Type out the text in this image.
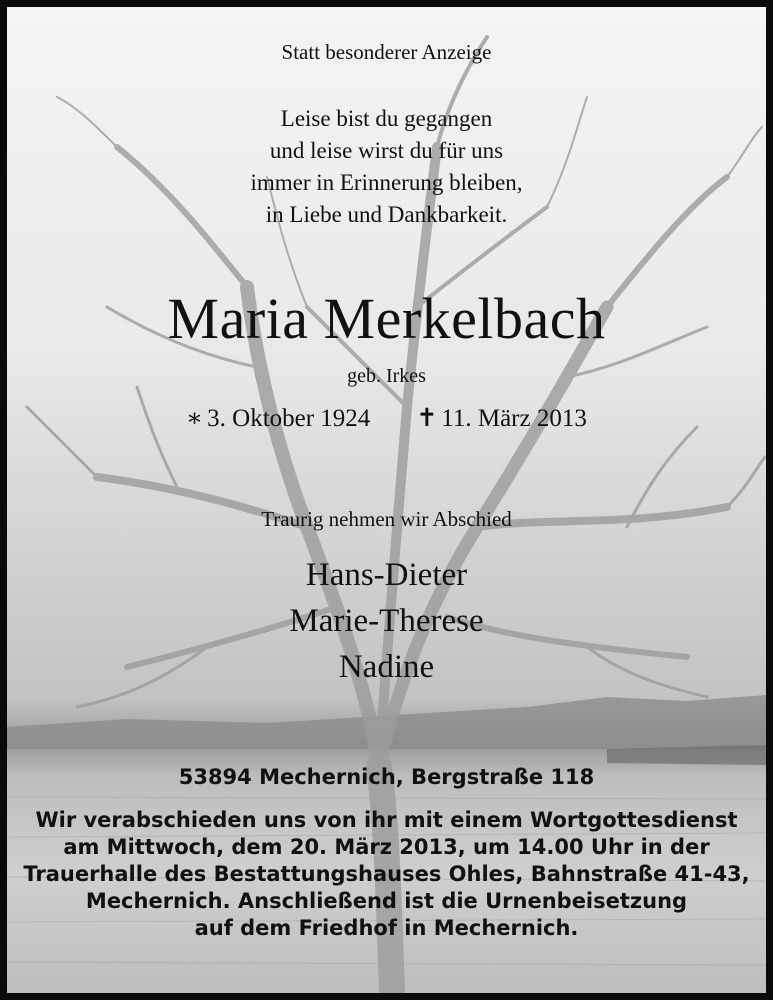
Statt besonderer Anzeige
Leise bist du gegangen
und leise wirst du für uns
immer in Erinnerung bleiben,
in Liebe und Dankbarkeit.
Maria Merkelbach
geb. Irkes
∗ 3. Oktober 1924 ✝ 11. März 2013
Traurig nehmen wir Abschied
Hans-Dieter
Marie-Therese
Nadine
53894 Mechernich, Bergstraße 118
Wir verabschieden uns von ihr mit einem Wortgottesdienst
am Mittwoch, dem 20. März 2013, um 14.00 Uhr in der
Trauerhalle des Bestattungshauses Ohles, Bahnstraße 41-43,
Mechernich. Anschließend ist die Urnenbeisetzung
auf dem Friedhof in Mechernich.
